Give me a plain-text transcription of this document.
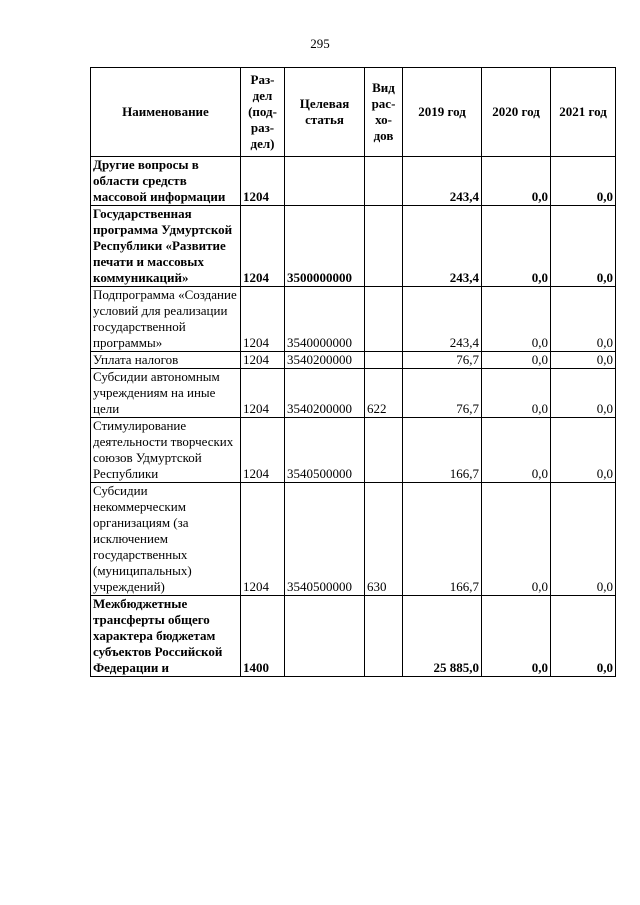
295
Наименование	Раз-дел (под-раз-дел)	Целевая статья	Вид рас-хо-дов	2019 год	2020 год	2021 год
Другие вопросы в области средств массовой информации	1204			243,4	0,0	0,0
Государственная программа Удмуртской Республики «Развитие печати и массовых коммуникаций»	1204	3500000000		243,4	0,0	0,0
Подпрограмма «Создание условий для реализации государственной программы»	1204	3540000000		243,4	0,0	0,0
Уплата налогов	1204	3540200000		76,7	0,0	0,0
Субсидии автономным учреждениям на иные цели	1204	3540200000	622	76,7	0,0	0,0
Стимулирование деятельности творческих союзов Удмуртской Республики	1204	3540500000		166,7	0,0	0,0
Субсидии некоммерческим организациям (за исключением государственных (муниципальных) учреждений)	1204	3540500000	630	166,7	0,0	0,0
Межбюджетные трансферты общего характера бюджетам субъектов Российской Федерации и	1400			25 885,0	0,0	0,0
